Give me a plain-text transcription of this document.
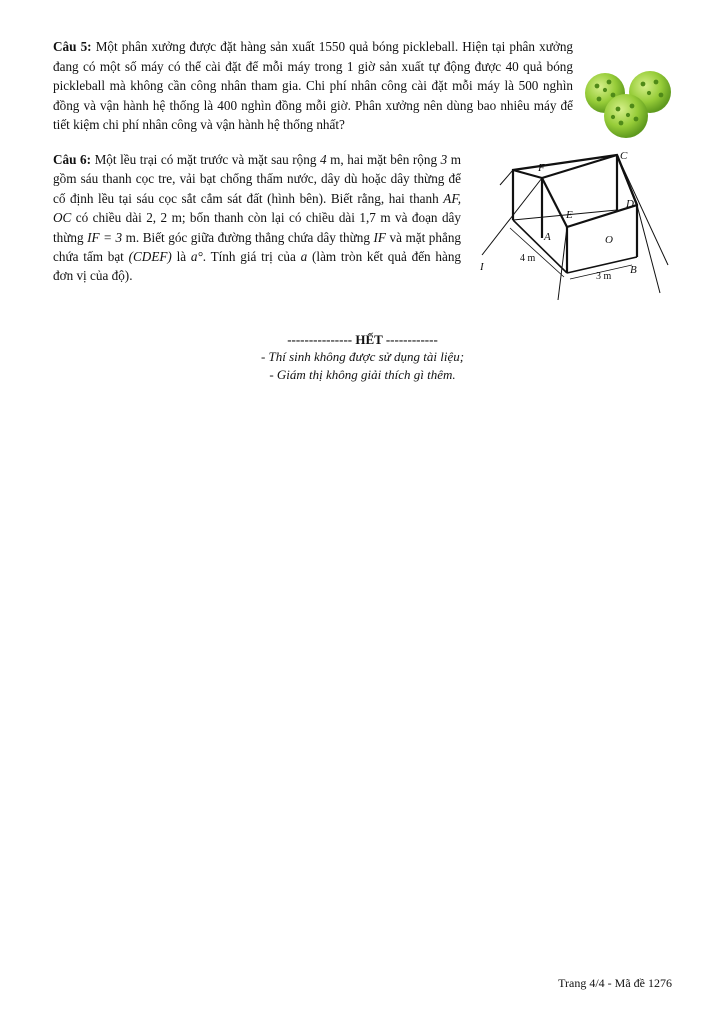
Câu 5: Một phân xưởng được đặt hàng sản xuất 1550 quả bóng pickleball. Hiện tại phân xưởng đang có một số máy có thể cài đặt để mỗi máy trong 1 giờ sản xuất tự động được 40 quả bóng pickleball mà không cần công nhân tham gia. Chi phí nhân công cài đặt mỗi máy là 500 nghìn đồng và vận hành hệ thống là 400 nghìn đồng mỗi giờ. Phân xưởng nên dùng bao nhiêu máy để tiết kiệm chi phí nhân công và vận hành hệ thống nhất?
Câu 6: Một lều trại có mặt trước và mặt sau rộng 4 m, hai mặt bên rộng 3 m gồm sáu thanh cọc tre, vải bạt chống thấm nước, dây dù hoặc dây thừng để cố định lều tại sáu cọc sắt cắm sát đất (hình bên). Biết rằng, hai thanh AF, OC có chiều dài 2, 2 m; bốn thanh còn lại có chiều dài 1,7 m và đoạn dây thừng IF = 3 m. Biết góc giữa đường thẳng chứa dây thừng IF và mặt phẳng chứa tấm bạt (CDEF) là a°. Tính giá trị của a (làm tròn kết quả đến hàng đơn vị của độ).
C
F
D
E
A	O
I	B
4 m
3 m
--------------- HẾT ------------
- Thí sinh không được sử dụng tài liệu;
- Giám thị không giải thích gì thêm.
Trang 4/4 - Mã đề 1276
